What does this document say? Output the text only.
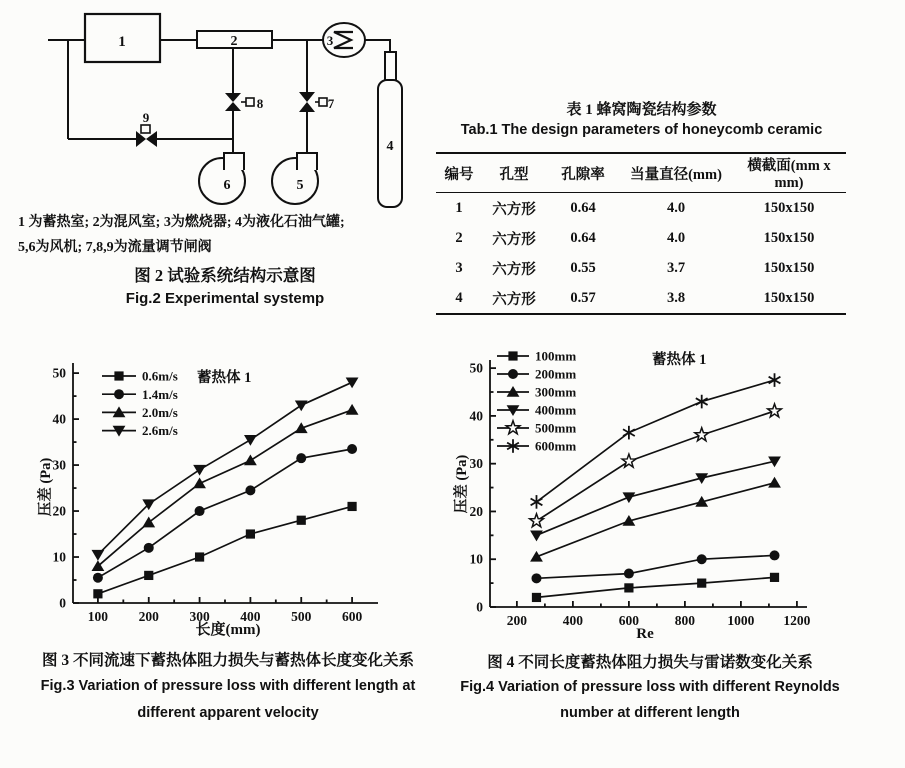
1	2	3
4
5
6
7
8
9
1 为蓄热室; 2为混风室; 3为燃烧器; 4为液化石油气罐;
5,6为风机; 7,8,9为流量调节闸阀
图 2 试验系统结构示意图
Fig.2 Experimental systemp
表 1 蜂窝陶瓷结构参数
Tab.1 The design parameters of honeycomb ceramic
编号	孔型	孔隙率	当量直径(mm)	横截面(mm x mm)
1	六方形	0.64	4.0	150x150
2	六方形	0.64	4.0	150x150
3	六方形	0.55	3.7	150x150
4	六方形	0.57	3.8	150x150
100 200 300 400 500 600
0
10
20
30
40
50	0.6m/s
1.4m/s
2.0m/s
2.6m/s
蓄热体 1
长度(mm)
压差 (Pa)
图 3 不同流速下蓄热体阻力损失与蓄热体长度变化关系
Fig.3 Variation of pressure loss with different length at
different apparent velocity
200	400	600	800 1000 1200
0
10
20
30
40
50
100mm
200mm
300mm
400mm
500mm
600mm
蓄热体 1
Re
压差 (Pa)
图 4 不同长度蓄热体阻力损失与雷诺数变化关系
Fig.4 Variation of pressure loss with different Reynolds
number at different length
